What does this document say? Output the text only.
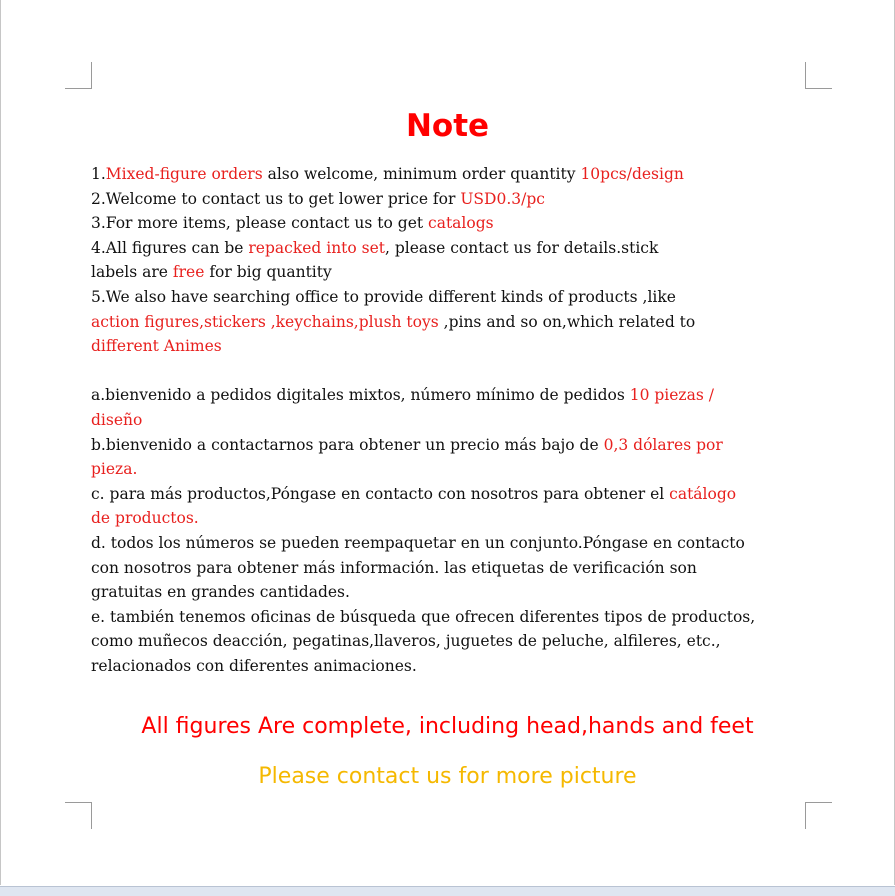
Note
1.Mixed-figure orders also welcome, minimum order quantity 10pcs/design
2.Welcome to contact us to get lower price for USD0.3/pc
3.For more items, please contact us to get catalogs
4.All figures can be repacked into set, please contact us for details.stick
labels are free for big quantity
5.We also have searching office to provide different kinds of products ,like
action figures,stickers ,keychains,plush toys ,pins and so on,which related to
different Animes
a.bienvenido a pedidos digitales mixtos, número mínimo de pedidos 10 piezas /
diseño
b.bienvenido a contactarnos para obtener un precio más bajo de 0,3 dólares por
pieza.
c. para más productos,Póngase en contacto con nosotros para obtener el catálogo
de productos.
d. todos los números se pueden reempaquetar en un conjunto.Póngase en contacto
con nosotros para obtener más información. las etiquetas de verificación son
gratuitas en grandes cantidades.
e. también tenemos oficinas de búsqueda que ofrecen diferentes tipos de productos,
como muñecos deacción, pegatinas,llaveros, juguetes de peluche, alfileres, etc.,
relacionados con diferentes animaciones.
All figures Are complete, including head,hands and feet
Please contact us for more picture
